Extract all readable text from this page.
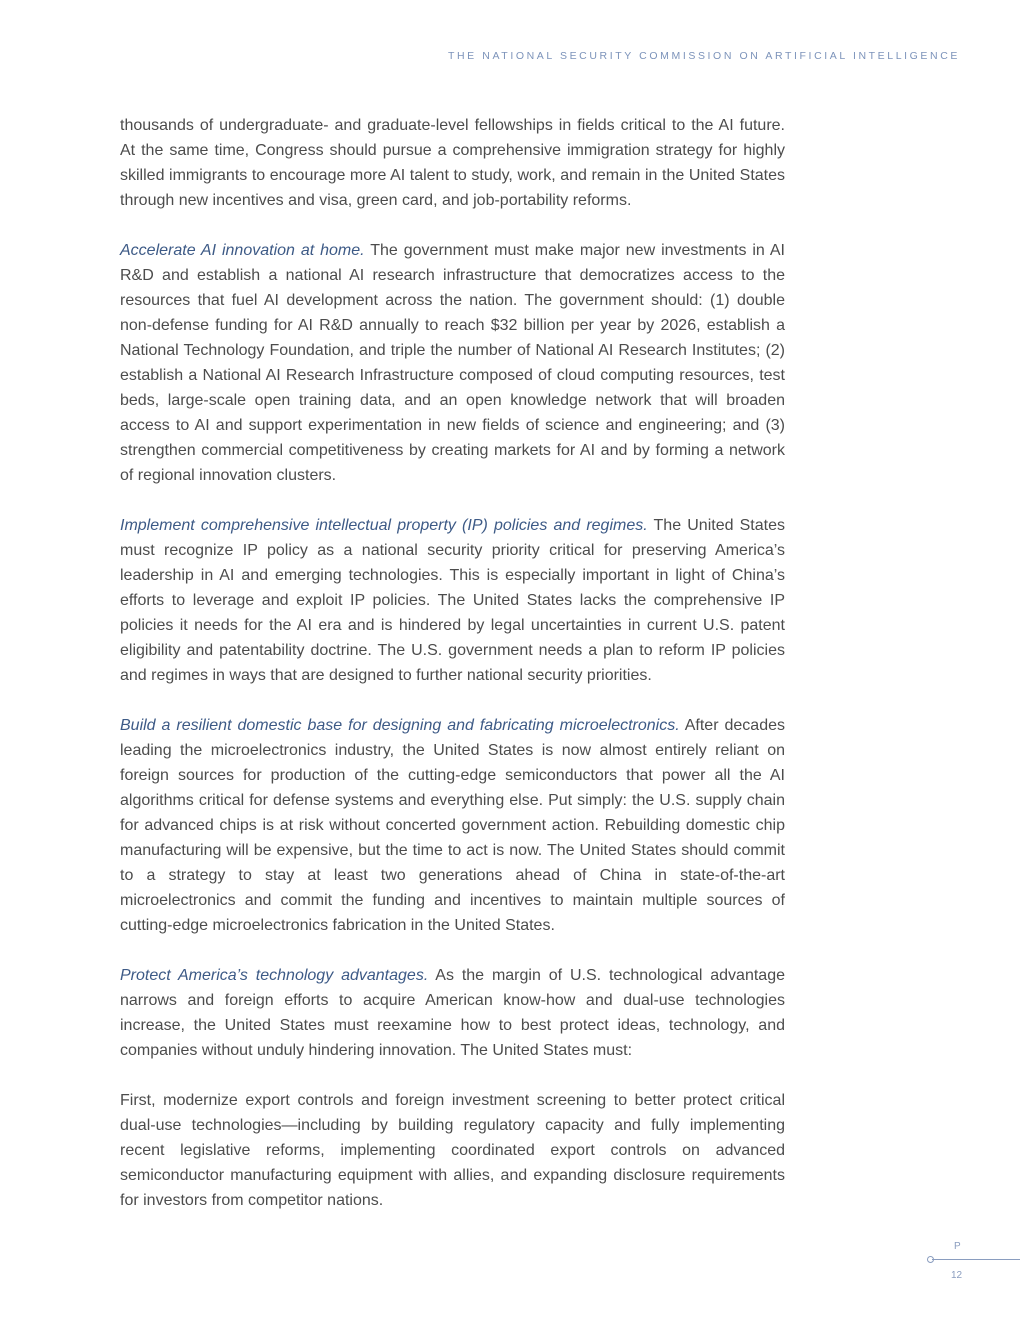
THE NATIONAL SECURITY COMMISSION ON ARTIFICIAL INTELLIGENCE

thousands of undergraduate- and graduate-level fellowships in fields critical to the AI future. At the same time, Congress should pursue a comprehensive immigration strategy for highly skilled immigrants to encourage more AI talent to study, work, and remain in the United States through new incentives and visa, green card, and job-portability reforms.

Accelerate AI innovation at home. The government must make major new investments in AI R&D and establish a national AI research infrastructure that democratizes access to the resources that fuel AI development across the nation. The government should: (1) double non-defense funding for AI R&D annually to reach $32 billion per year by 2026, establish a National Technology Foundation, and triple the number of National AI Research Institutes; (2) establish a National AI Research Infrastructure composed of cloud computing resources, test beds, large-scale open training data, and an open knowledge network that will broaden access to AI and support experimentation in new fields of science and engineering; and (3) strengthen commercial competitiveness by creating markets for AI and by forming a network of regional innovation clusters.

Implement comprehensive intellectual property (IP) policies and regimes. The United States must recognize IP policy as a national security priority critical for preserving America’s leadership in AI and emerging technologies. This is especially important in light of China’s efforts to leverage and exploit IP policies. The United States lacks the comprehensive IP policies it needs for the AI era and is hindered by legal uncertainties in current U.S. patent eligibility and patentability doctrine. The U.S. government needs a plan to reform IP policies and regimes in ways that are designed to further national security priorities.

Build a resilient domestic base for designing and fabricating microelectronics. After decades leading the microelectronics industry, the United States is now almost entirely reliant on foreign sources for production of the cutting-edge semiconductors that power all the AI algorithms critical for defense systems and everything else. Put simply: the U.S. supply chain for advanced chips is at risk without concerted government action. Rebuilding domestic chip manufacturing will be expensive, but the time to act is now. The United States should commit to a strategy to stay at least two generations ahead of China in state-of-the-art microelectronics and commit the funding and incentives to maintain multiple sources of cutting-edge microelectronics fabrication in the United States.

Protect America’s technology advantages. As the margin of U.S. technological advantage narrows and foreign efforts to acquire American know-how and dual-use technologies increase, the United States must reexamine how to best protect ideas, technology, and companies without unduly hindering innovation. The United States must:

First, modernize export controls and foreign investment screening to better protect critical dual-use technologies—including by building regulatory capacity and fully implementing recent legislative reforms, implementing coordinated export controls on advanced semiconductor manufacturing equipment with allies, and expanding disclosure requirements for investors from competitor nations.

P
12
